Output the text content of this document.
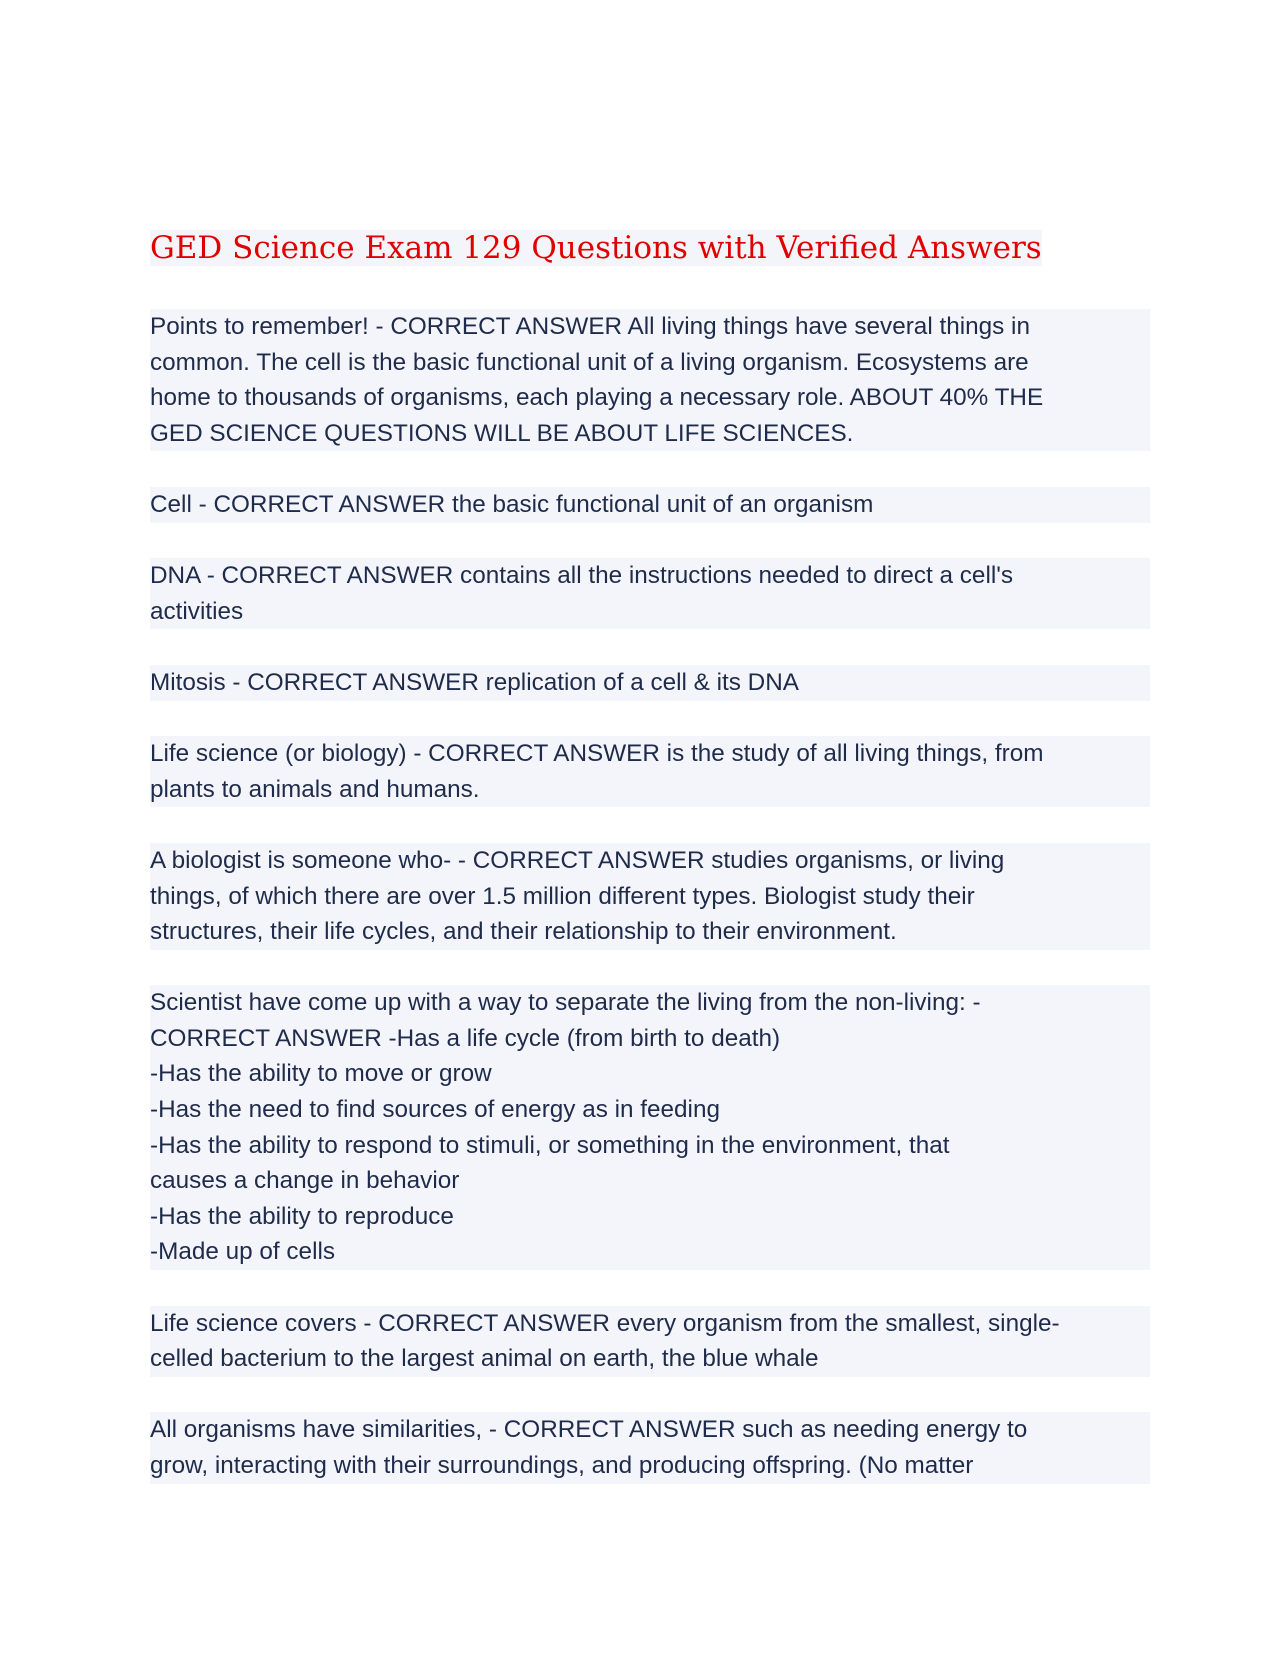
GED Science Exam 129 Questions with Verified Answers

Points to remember! - CORRECT ANSWER All living things have several things in
common. The cell is the basic functional unit of a living organism. Ecosystems are
home to thousands of organisms, each playing a necessary role. ABOUT 40% THE
GED SCIENCE QUESTIONS WILL BE ABOUT LIFE SCIENCES.

Cell - CORRECT ANSWER the basic functional unit of an organism

DNA - CORRECT ANSWER contains all the instructions needed to direct a cell's
activities

Mitosis - CORRECT ANSWER replication of a cell & its DNA

Life science (or biology) - CORRECT ANSWER is the study of all living things, from
plants to animals and humans.

A biologist is someone who- - CORRECT ANSWER studies organisms, or living
things, of which there are over 1.5 million different types. Biologist study their
structures, their life cycles, and their relationship to their environment.

Scientist have come up with a way to separate the living from the non-living: -
CORRECT ANSWER -Has a life cycle (from birth to death)
-Has the ability to move or grow
-Has the need to find sources of energy as in feeding
-Has the ability to respond to stimuli, or something in the environment, that
causes a change in behavior
-Has the ability to reproduce
-Made up of cells

Life science covers - CORRECT ANSWER every organism from the smallest, single-
celled bacterium to the largest animal on earth, the blue whale

All organisms have similarities, - CORRECT ANSWER such as needing energy to
grow, interacting with their surroundings, and producing offspring. (No matter
